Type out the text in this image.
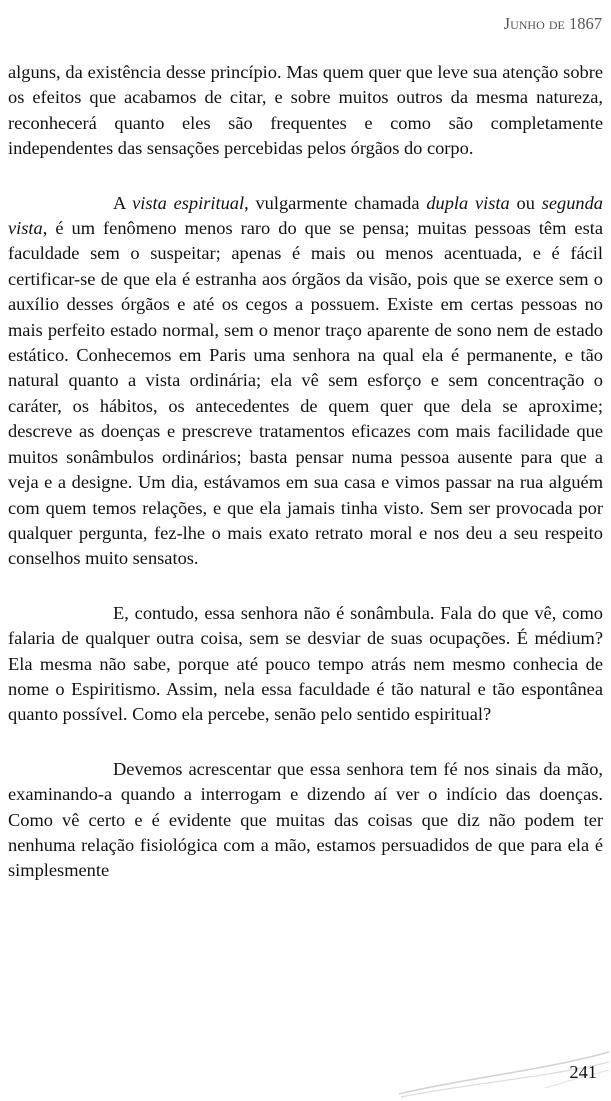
Junho de 1867

alguns, da existência desse princípio. Mas quem quer que leve sua atenção sobre os efeitos que acabamos de citar, e sobre muitos outros da mesma natureza, reconhecerá quanto eles são frequentes e como são completamente independentes das sensações percebidas pelos órgãos do corpo.

A vista espiritual, vulgarmente chamada dupla vista ou segunda vista, é um fenômeno menos raro do que se pensa; muitas pessoas têm esta faculdade sem o suspeitar; apenas é mais ou menos acentuada, e é fácil certificar-se de que ela é estranha aos órgãos da visão, pois que se exerce sem o auxílio desses órgãos e até os cegos a possuem. Existe em certas pessoas no mais perfeito estado normal, sem o menor traço aparente de sono nem de estado estático. Conhecemos em Paris uma senhora na qual ela é permanente, e tão natural quanto a vista ordinária; ela vê sem esforço e sem concentração o caráter, os hábitos, os antecedentes de quem quer que dela se aproxime; descreve as doenças e prescreve tratamentos eficazes com mais facilidade que muitos sonâmbulos ordinários; basta pensar numa pessoa ausente para que a veja e a designe. Um dia, estávamos em sua casa e vimos passar na rua alguém com quem temos relações, e que ela jamais tinha visto. Sem ser provocada por qualquer pergunta, fez-lhe o mais exato retrato moral e nos deu a seu respeito conselhos muito sensatos.

E, contudo, essa senhora não é sonâmbula. Fala do que vê, como falaria de qualquer outra coisa, sem se desviar de suas ocupações. É médium? Ela mesma não sabe, porque até pouco tempo atrás nem mesmo conhecia de nome o Espiritismo. Assim, nela essa faculdade é tão natural e tão espontânea quanto possível. Como ela percebe, senão pelo sentido espiritual?

Devemos acrescentar que essa senhora tem fé nos sinais da mão, examinando-a quando a interrogam e dizendo aí ver o indício das doenças. Como vê certo e é evidente que muitas das coisas que diz não podem ter nenhuma relação fisiológica com a mão, estamos persuadidos de que para ela é simplesmente

241
